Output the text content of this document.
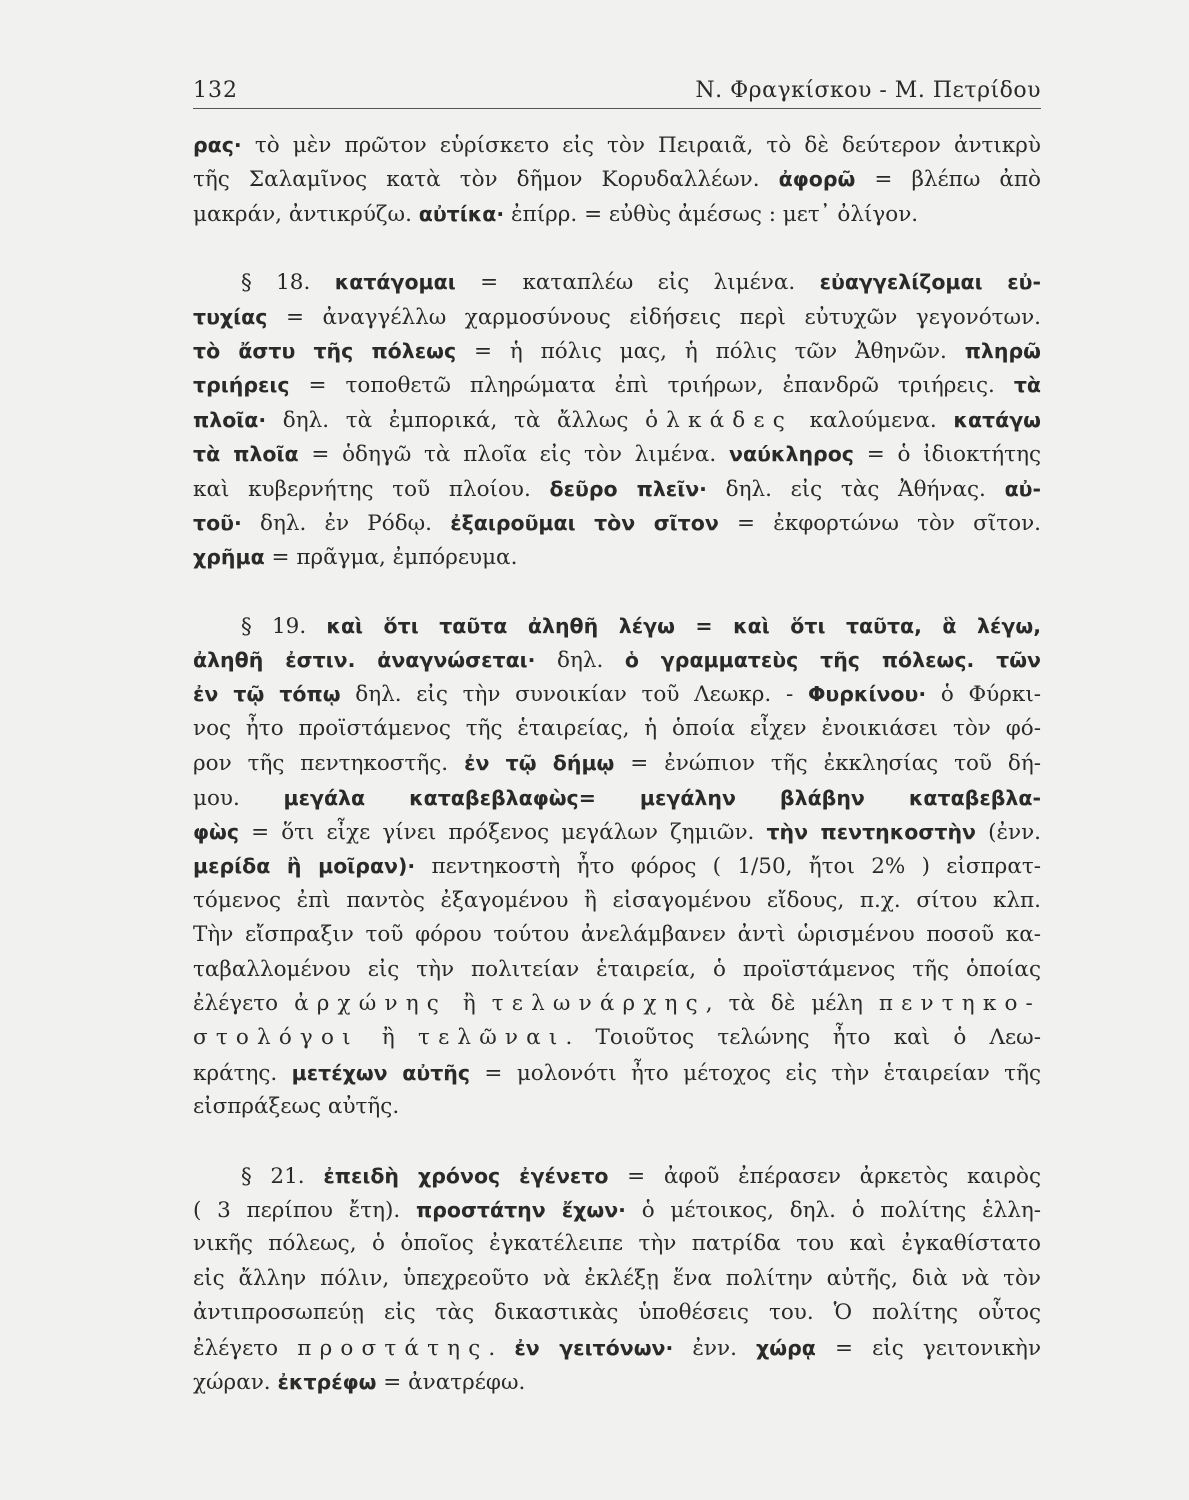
132	Ν. Φραγκίσκου - Μ. Πετρίδου
ρας· τὸ μὲν πρῶτον εὑρίσκετο εἰς τὸν Πειραιᾶ, τὸ δὲ δεύτερον ἀντικρὺ
τῆς Σαλαμῖνος κατὰ τὸν δῆμον Κορυδαλλέων. ἀφορῶ = βλέπω ἀπὸ
μακράν, ἀντικρύζω. αὐτίκα· ἐπίρρ. = εὐθὺς ἀμέσως : μετ᾽ ὀλίγον.
§ 18. κατάγομαι = καταπλέω εἰς λιμένα. εὐαγγελίζομαι εὐ-
τυχίας = ἀναγγέλλω χαρμοσύνους εἰδήσεις περὶ εὐτυχῶν γεγονότων.
τὸ ἄστυ τῆς πόλεως = ἡ πόλις μας, ἡ πόλις τῶν Ἀθηνῶν. πληρῶ
τριήρεις = τοποθετῶ πληρώματα ἐπὶ τριήρων, ἐπανδρῶ τριήρεις. τὰ
πλοῖα· δηλ. τὰ ἐμπορικά, τὰ ἄλλως ὁλκάδες καλούμενα. κατάγω
τὰ πλοῖα = ὁδηγῶ τὰ πλοῖα εἰς τὸν λιμένα. ναύκληρος = ὁ ἰδιοκτήτης
καὶ κυβερνήτης τοῦ πλοίου. δεῦρο πλεῖν· δηλ. εἰς τὰς Ἀθήνας. αὐ-
τοῦ· δηλ. ἐν Ρόδῳ. ἐξαιροῦμαι τὸν σῖτον = ἐκφορτώνω τὸν σῖτον.
χρῆμα = πρᾶγμα, ἐμπόρευμα.
§ 19. καὶ ὅτι ταῦτα ἀληθῆ λέγω = καὶ ὅτι ταῦτα, ἃ λέγω,
ἀληθῆ ἐστιν. ἀναγνώσεται· δηλ. ὁ γραμματεὺς τῆς πόλεως. τῶν
ἐν τῷ τόπῳ δηλ. εἰς τὴν συνοικίαν τοῦ Λεωκρ. - Φυρκίνου· ὁ Φύρκι-
νος ἦτο προϊστάμενος τῆς ἑταιρείας, ἡ ὁποία εἶχεν ἐνοικιάσει τὸν φό-
ρον τῆς πεντηκοστῆς. ἐν τῷ δήμῳ = ἐνώπιον τῆς ἐκκλησίας τοῦ δή-
μου. μεγάλα καταβεβλαφὼς= μεγάλην βλάβην καταβεβλα-
φὼς = ὅτι εἶχε γίνει πρόξενος μεγάλων ζημιῶν. τὴν πεντηκοστὴν (ἐνν.
μερίδα ἢ μοῖραν)· πεντηκοστὴ ἦτο φόρος ( 1/50, ἤτοι 2% ) εἰσπρατ-
τόμενος ἐπὶ παντὸς ἐξαγομένου ἢ εἰσαγομένου εἴδους, π.χ. σίτου κλπ.
Τὴν εἴσπραξιν τοῦ φόρου τούτου ἀνελάμβανεν ἀντὶ ὡρισμένου ποσοῦ κα-
ταβαλλομένου εἰς τὴν πολιτείαν ἑταιρεία, ὁ προϊστάμενος τῆς ὁποίας
ἐλέγετο ἀρχώνης ἢ τελωνάρχης, τὰ δὲ μέλη πεντηκο-
στολόγοι ἢ τελῶναι. Τοιοῦτος τελώνης ἦτο καὶ ὁ Λεω-
κράτης. μετέχων αὐτῆς = μολονότι ἦτο μέτοχος εἰς τὴν ἑταιρείαν τῆς
εἰσπράξεως αὐτῆς.
§ 21. ἐπειδὴ χρόνος ἐγένετο = ἀφοῦ ἐπέρασεν ἀρκετὸς καιρὸς
( 3 περίπου ἔτη). προστάτην ἔχων· ὁ μέτοικος, δηλ. ὁ πολίτης ἑλλη-
νικῆς πόλεως, ὁ ὁποῖος ἐγκατέλειπε τὴν πατρίδα του καὶ ἐγκαθίστατο
εἰς ἄλλην πόλιν, ὑπεχρεοῦτο νὰ ἐκλέξῃ ἕνα πολίτην αὐτῆς, διὰ νὰ τὸν
ἀντιπροσωπεύῃ εἰς τὰς δικαστικὰς ὑποθέσεις του. Ὁ πολίτης οὗτος
ἐλέγετο προστάτης. ἐν γειτόνων· ἐνν. χώρᾳ = εἰς γειτονικὴν
χώραν. ἐκτρέφω = ἀνατρέφω.
